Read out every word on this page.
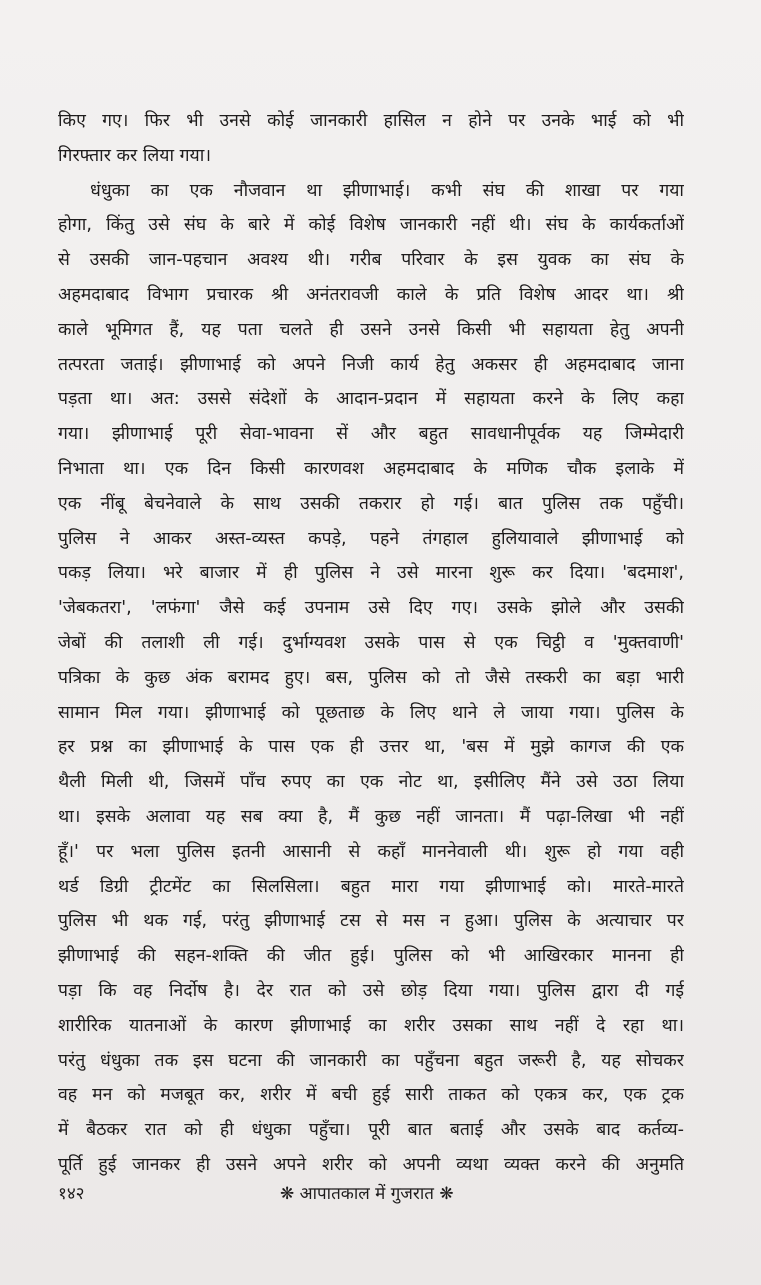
किए गए। फिर भी उनसे कोई जानकारी हासिल न होने पर उनके भाई को भी
गिरफ्तार कर लिया गया।
धंधुका का एक नौजवान था झीणाभाई। कभी संघ की शाखा पर गया
होगा, किंतु उसे संघ के बारे में कोई विशेष जानकारी नहीं थी। संघ के कार्यकर्ताओं
से उसकी जान-पहचान अवश्य थी। गरीब परिवार के इस युवक का संघ के
अहमदाबाद विभाग प्रचारक श्री अनंतरावजी काले के प्रति विशेष आदर था। श्री
काले भूमिगत हैं, यह पता चलते ही उसने उनसे किसी भी सहायता हेतु अपनी
तत्परता जताई। झीणाभाई को अपने निजी कार्य हेतु अकसर ही अहमदाबाद जाना
पड़ता था। अत: उससे संदेशों के आदान-प्रदान में सहायता करने के लिए कहा
गया। झीणाभाई पूरी सेवा-भावना सें और बहुत सावधानीपूर्वक यह जिम्मेदारी
निभाता था। एक दिन किसी कारणवश अहमदाबाद के मणिक चौक इलाके में
एक नींबू बेचनेवाले के साथ उसकी तकरार हो गई। बात पुलिस तक पहुँची।
पुलिस ने आकर अस्त-व्यस्त कपड़े, पहने तंगहाल हुलियावाले झीणाभाई को
पकड़ लिया। भरे बाजार में ही पुलिस ने उसे मारना शुरू कर दिया। 'बदमाश',
'जेबकतरा', 'लफंगा' जैसे कई उपनाम उसे दिए गए। उसके झोले और उसकी
जेबों की तलाशी ली गई। दुर्भाग्यवश उसके पास से एक चिट्ठी व 'मुक्तवाणी'
पत्रिका के कुछ अंक बरामद हुए। बस, पुलिस को तो जैसे तस्करी का बड़ा भारी
सामान मिल गया। झीणाभाई को पूछताछ के लिए थाने ले जाया गया। पुलिस के
हर प्रश्न का झीणाभाई के पास एक ही उत्तर था, 'बस में मुझे कागज की एक
थैली मिली थी, जिसमें पाँच रुपए का एक नोट था, इसीलिए मैंने उसे उठा लिया
था। इसके अलावा यह सब क्या है, मैं कुछ नहीं जानता। मैं पढ़ा-लिखा भी नहीं
हूँ।' पर भला पुलिस इतनी आसानी से कहाँ माननेवाली थी। शुरू हो गया वही
थर्ड डिग्री ट्रीटमेंट का सिलसिला। बहुत मारा गया झीणाभाई को। मारते-मारते
पुलिस भी थक गई, परंतु झीणाभाई टस से मस न हुआ। पुलिस के अत्याचार पर
झीणाभाई की सहन-शक्ति की जीत हुई। पुलिस को भी आखिरकार मानना ही
पड़ा कि वह निर्दोष है। देर रात को उसे छोड़ दिया गया। पुलिस द्वारा दी गई
शारीरिक यातनाओं के कारण झीणाभाई का शरीर उसका साथ नहीं दे रहा था।
परंतु धंधुका तक इस घटना की जानकारी का पहुँचना बहुत जरूरी है, यह सोचकर
वह मन को मजबूत कर, शरीर में बची हुई सारी ताकत को एकत्र कर, एक ट्रक
में बैठकर रात को ही धंधुका पहुँचा। पूरी बात बताई और उसके बाद कर्तव्य-
पूर्ति हुई जानकर ही उसने अपने शरीर को अपनी व्यथा व्यक्त करने की अनुमति
१४२	❋ आपातकाल में गुजरात ❋
